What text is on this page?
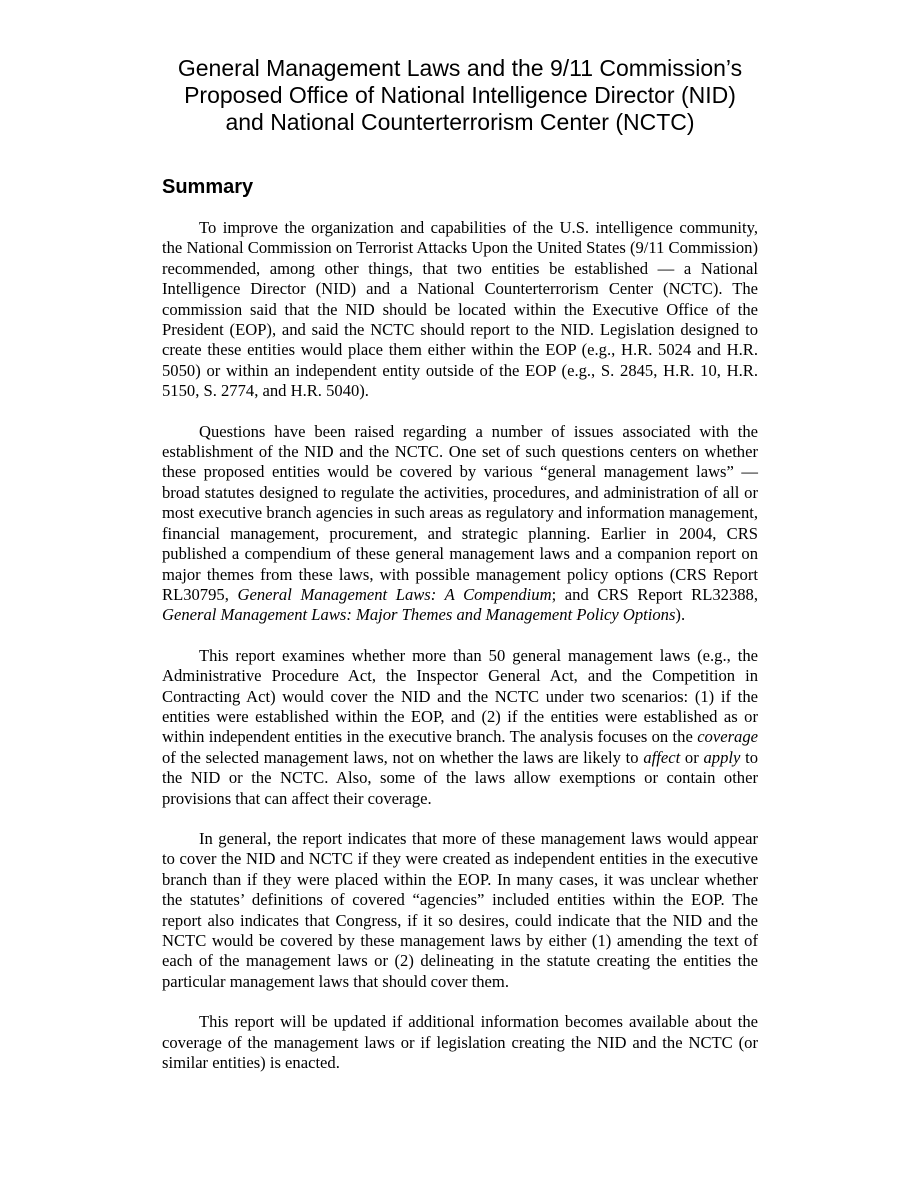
General Management Laws and the 9/11 Commission’s
Proposed Office of National Intelligence Director (NID)
and National Counterterrorism Center (NCTC)
Summary

To improve the organization and capabilities of the U.S. intelligence community, the National Commission on Terrorist Attacks Upon the United States (9/11 Commission) recommended, among other things, that two entities be established — a National Intelligence Director (NID) and a National Counterterrorism Center (NCTC). The commission said that the NID should be located within the Executive Office of the President (EOP), and said the NCTC should report to the NID. Legislation designed to create these entities would place them either within the EOP (e.g., H.R. 5024 and H.R. 5050) or within an independent entity outside of the EOP (e.g., S. 2845, H.R. 10, H.R. 5150, S. 2774, and H.R. 5040).

Questions have been raised regarding a number of issues associated with the establishment of the NID and the NCTC. One set of such questions centers on whether these proposed entities would be covered by various “general management laws” — broad statutes designed to regulate the activities, procedures, and administration of all or most executive branch agencies in such areas as regulatory and information management, financial management, procurement, and strategic planning. Earlier in 2004, CRS published a compendium of these general management laws and a companion report on major themes from these laws, with possible management policy options (CRS Report RL30795, General Management Laws: A Compendium; and CRS Report RL32388, General Management Laws: Major Themes and Management Policy Options).

This report examines whether more than 50 general management laws (e.g., the Administrative Procedure Act, the Inspector General Act, and the Competition in Contracting Act) would cover the NID and the NCTC under two scenarios: (1) if the entities were established within the EOP, and (2) if the entities were established as or within independent entities in the executive branch. The analysis focuses on the coverage of the selected management laws, not on whether the laws are likely to affect or apply to the NID or the NCTC. Also, some of the laws allow exemptions or contain other provisions that can affect their coverage.

In general, the report indicates that more of these management laws would appear to cover the NID and NCTC if they were created as independent entities in the executive branch than if they were placed within the EOP. In many cases, it was unclear whether the statutes’ definitions of covered “agencies” included entities within the EOP. The report also indicates that Congress, if it so desires, could indicate that the NID and the NCTC would be covered by these management laws by either (1) amending the text of each of the management laws or (2) delineating in the statute creating the entities the particular management laws that should cover them.

This report will be updated if additional information becomes available about the coverage of the management laws or if legislation creating the NID and the NCTC (or similar entities) is enacted.
